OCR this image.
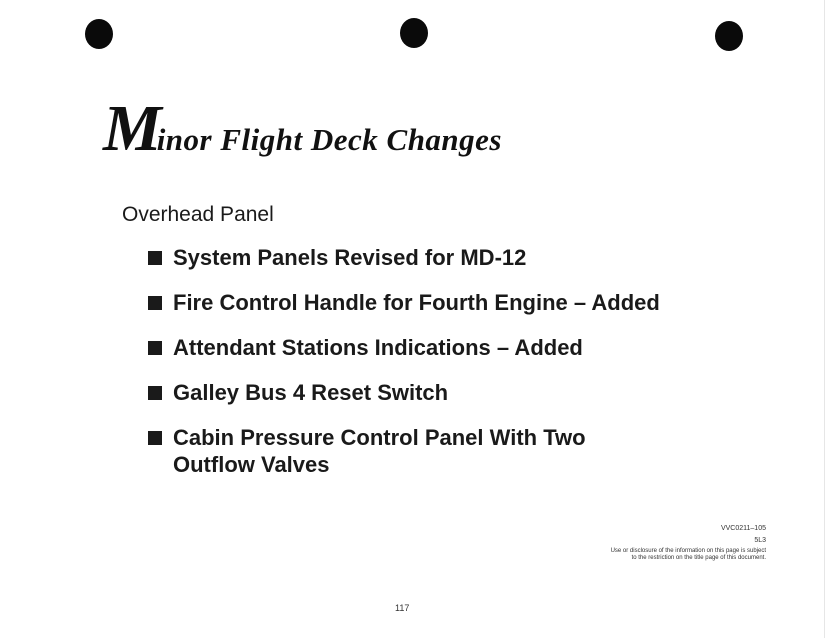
Minor Flight Deck Changes
Overhead Panel
System Panels Revised for MD-12
Fire Control Handle for Fourth Engine – Added
Attendant Stations Indications – Added
Galley Bus 4 Reset Switch
Cabin Pressure Control Panel With Two
Outflow Valves
VVC0211–105
5L3
Use or disclosure of the information on this page is subject
to the restriction on the title page of this document.
117
